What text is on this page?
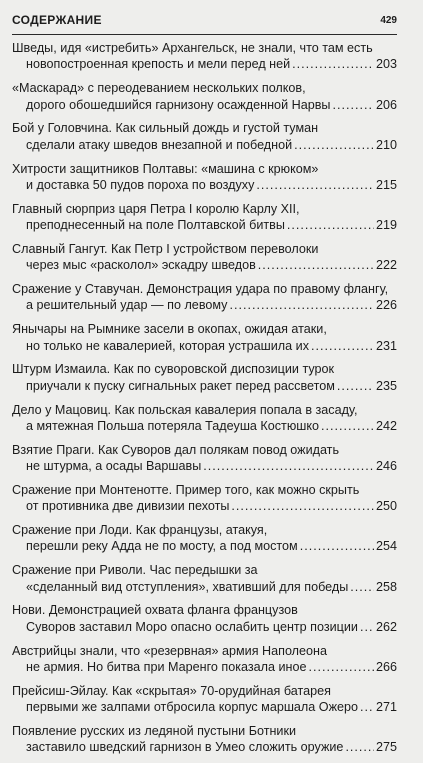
СОДЕРЖАНИЕ	429
Шведы, идя «истребить» Архангельск, не знали, что там есть
новопостроенная крепость и мели перед ней .....	203
«Маскарад» с переодеванием нескольких полков,
дорого обошедшийся гарнизону осажденной Нарвы .....	206
Бой у Головчина. Как сильный дождь и густой туман
сделали атаку шведов внезапной и победной .....	210
Хитрости защитников Полтавы: «машина с крюком»
и доставка 50 пудов пороха по воздуху .....	215
Главный сюрприз царя Петра I королю Карлу XII,
преподнесенный на поле Полтавской битвы .....	219
Славный Гангут. Как Петр I устройством переволоки
через мыс «расколол» эскадру шведов .....	222
Сражение у Ставучан. Демонстрация удара по правому флангу,
а решительный удар — по левому .....	226
Янычары на Рымнике засели в окопах, ожидая атаки,
но только не кавалерией, которая устрашила их .....	231
Штурм Измаила. Как по суворовской диспозиции турок
приучали к пуску сигнальных ракет перед рассветом .....	235
Дело у Мацовиц. Как польская кавалерия попала в засаду,
а мятежная Польша потеряла Тадеуша Костюшко .....	242
Взятие Праги. Как Суворов дал полякам повод ожидать
не штурма, а осады Варшавы .....	246
Сражение при Монтенотте. Пример того, как можно скрыть
от противника две дивизии пехоты .....	250
Сражение при Лоди. Как французы, атакуя,
перешли реку Адда не по мосту, а под мостом .....	254
Сражение при Риволи. Час передышки за
«сделанный вид отступления», хвативший для победы ..... 258
Нови. Демонстрацией охвата фланга французов
Суворов заставил Моро опасно ослабить центр позиции ..... 262
Австрийцы знали, что «резервная» армия Наполеона
не армия. Но битва при Маренго показала иное .....	266
Прейсиш-Эйлау. Как «скрытая» 70-орудийная батарея
первыми же залпами отбросила корпус маршала Ожеро ..... 271
Появление русских из ледяной пустыни Ботники
заставило шведский гарнизон в Умео сложить оружие .....	275
